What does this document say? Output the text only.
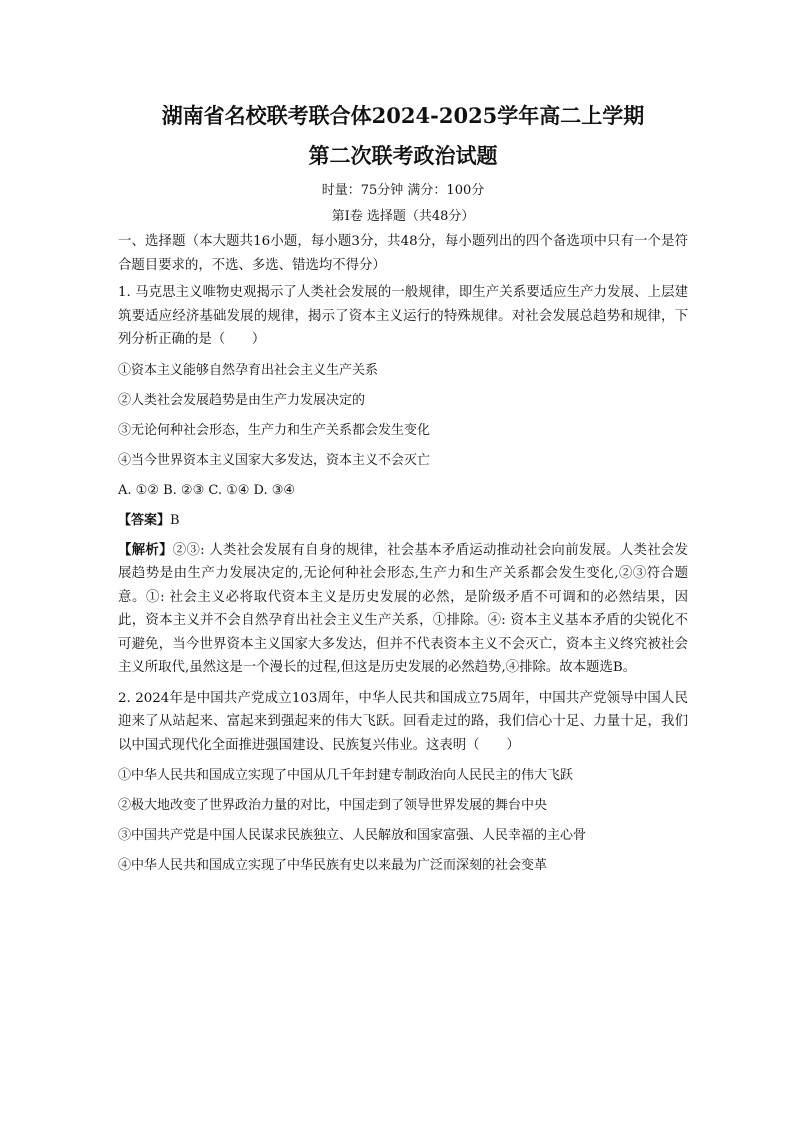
湖南省名校联考联合体2024-2025学年高二上学期
第二次联考政治试题
时量：75分钟 满分：100分
第Ⅰ卷 选择题（共48分）

一、选择题（本大题共16小题，每小题3分，共48分，每小题列出的四个备选项中只有一个是符合题目要求的，不选、多选、错选均不得分）

1. 马克思主义唯物史观揭示了人类社会发展的一般规律，即生产关系要适应生产力发展、上层建筑要适应经济基础发展的规律，揭示了资本主义运行的特殊规律。对社会发展总趋势和规律，下列分析正确的是（　　）

①资本主义能够自然孕育出社会主义生产关系
②人类社会发展趋势是由生产力发展决定的
③无论何种社会形态，生产力和生产关系都会发生变化
④当今世界资本主义国家大多发达，资本主义不会灭亡
A. ①② B. ②③ C. ①④ D. ③④
【答案】B
【解析】②③: 人类社会发展有自身的规律，社会基本矛盾运动推动社会向前发展。人类社会发展趋势是由生产力发展决定的,无论何种社会形态,生产力和生产关系都会发生变化,②③符合题意。①: 社会主义必将取代资本主义是历史发展的必然，是阶级矛盾不可调和的必然结果，因此，资本主义并不会自然孕育出社会主义生产关系，①排除。④: 资本主义基本矛盾的尖锐化不可避免，当今世界资本主义国家大多发达，但并不代表资本主义不会灭亡，资本主义终究被社会主义所取代,虽然这是一个漫长的过程,但这是历史发展的必然趋势,④排除。故本题选B。

2. 2024年是中国共产党成立103周年，中华人民共和国成立75周年，中国共产党领导中国人民迎来了从站起来、富起来到强起来的伟大飞跃。回看走过的路，我们信心十足、力量十足，我们以中国式现代化全面推进强国建设、民族复兴伟业。这表明（　　）

①中华人民共和国成立实现了中国从几千年封建专制政治向人民民主的伟大飞跃
②极大地改变了世界政治力量的对比，中国走到了领导世界发展的舞台中央
③中国共产党是中国人民谋求民族独立、人民解放和国家富强、人民幸福的主心骨
④中华人民共和国成立实现了中华民族有史以来最为广泛而深刻的社会变革
